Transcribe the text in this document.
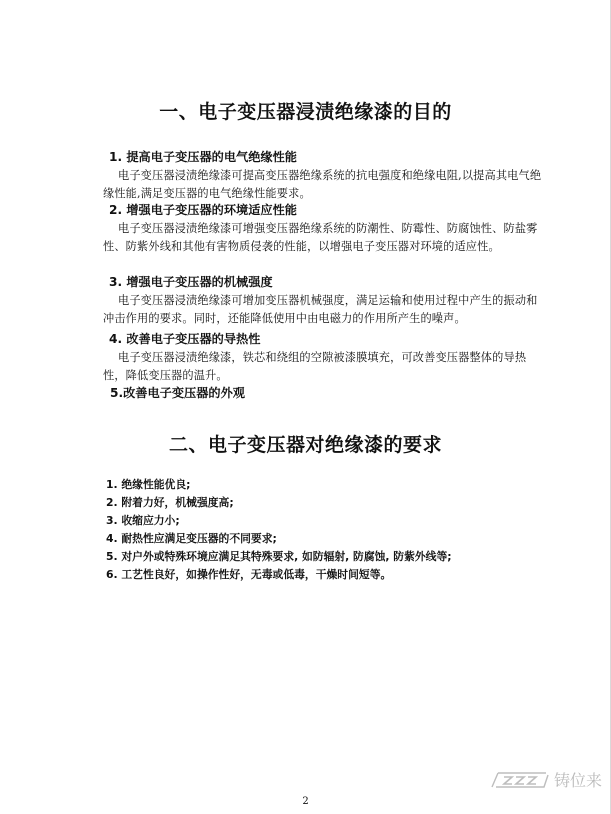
一、电子变压器浸渍绝缘漆的目的
1. 提高电子变压器的电气绝缘性能

电子变压器浸渍绝缘漆可提高变压器绝缘系统的抗电强度和绝缘电阻,以提高其电气绝缘性能,满足变压器的电气绝缘性能要求。

2. 增强电子变压器的环境适应性能

电子变压器浸渍绝缘漆可增强变压器绝缘系统的防潮性、防霉性、防腐蚀性、防盐雾性、防紫外线和其他有害物质侵袭的性能，以增强电子变压器对环境的适应性。

3. 增强电子变压器的机械强度

电子变压器浸渍绝缘漆可增加变压器机械强度，满足运输和使用过程中产生的振动和冲击作用的要求。同时，还能降低使用中由电磁力的作用所产生的噪声。

4. 改善电子变压器的导热性

电子变压器浸渍绝缘漆，铁芯和绕组的空隙被漆膜填充，可改善变压器整体的导热性，降低变压器的温升。

5.改善电子变压器的外观
二、电子变压器对绝缘漆的要求
1. 绝缘性能优良;
2. 附着力好，机械强度高;
3. 收缩应力小;
4. 耐热性应满足变压器的不同要求;
5. 对户外或特殊环境应满足其特殊要求, 如防辐射, 防腐蚀, 防紫外线等;
6. 工艺性良好，如操作性好，无毒或低毒，干燥时间短等。
2
铸位来
